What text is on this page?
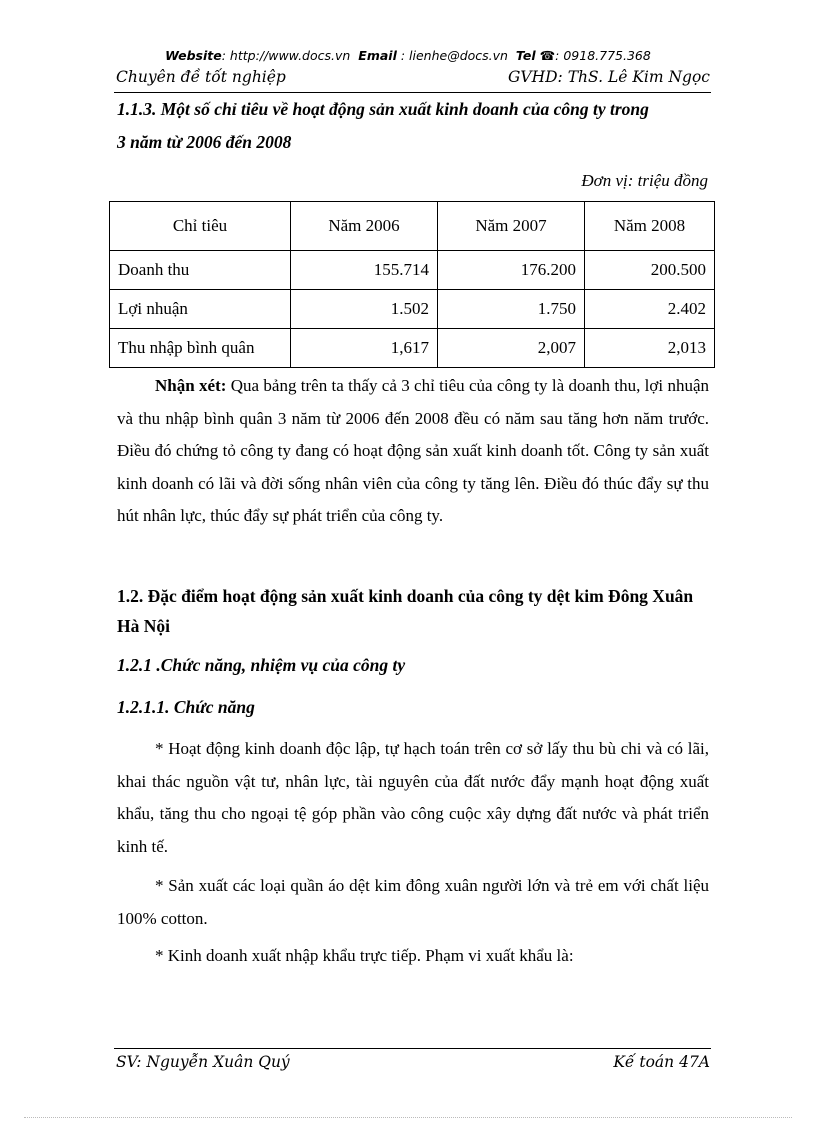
Website: http://www.docs.vn Email : lienhe@docs.vn Tel ☎: 0918.775.368
Chuyên đề tốt nghiệp	GVHD: ThS. Lê Kim Ngọc
1.1.3. Một số chỉ tiêu về hoạt động sản xuất kinh doanh của công ty trong
3 năm từ 2006 đến 2008
Đơn vị: triệu đồng
Chỉ tiêu	Năm 2006	Năm 2007	Năm 2008
Doanh thu	155.714	176.200	200.500
Lợi nhuận	1.502	1.750	2.402
Thu nhập bình quân	1,617	2,007	2,013
Nhận xét: Qua bảng trên ta thấy cả 3 chỉ tiêu của công ty là doanh thu, lợi nhuận và thu nhập bình quân 3 năm từ 2006 đến 2008 đều có năm sau tăng hơn năm trước. Điều đó chứng tỏ công ty đang có hoạt động sản xuất kinh doanh tốt. Công ty sản xuất kinh doanh có lãi và đời sống nhân viên của công ty tăng lên. Điều đó thúc đẩy sự thu hút nhân lực, thúc đẩy sự phát triển của công ty.
1.2. Đặc điểm hoạt động sản xuất kinh doanh của công ty dệt kim Đông Xuân Hà Nội
1.2.1 .Chức năng, nhiệm vụ của công ty
1.2.1.1. Chức năng
* Hoạt động kinh doanh độc lập, tự hạch toán trên cơ sở lấy thu bù chi và có lãi, khai thác nguồn vật tư, nhân lực, tài nguyên của đất nước đẩy mạnh hoạt động xuất khẩu, tăng thu cho ngoại tệ góp phần vào công cuộc xây dựng đất nước và phát triển kinh tế.
* Sản xuất các loại quần áo dệt kim đông xuân người lớn và trẻ em với chất liệu 100% cotton.
* Kinh doanh xuất nhập khẩu trực tiếp. Phạm vi xuất khẩu là:
SV: Nguyễn Xuân Quý	Kế toán 47A
